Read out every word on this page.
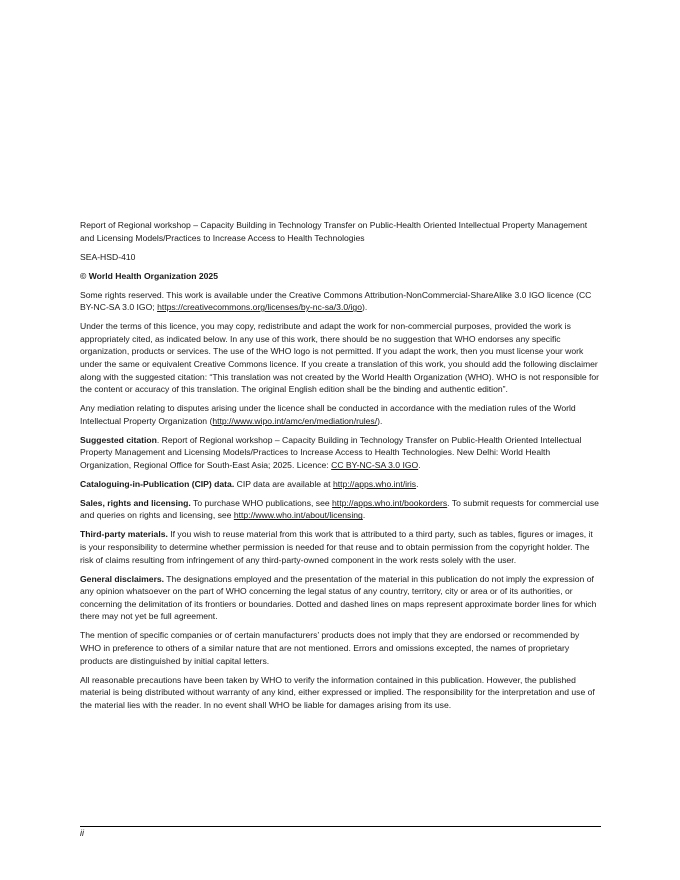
Report of Regional workshop – Capacity Building in Technology Transfer on Public-Health Oriented Intellectual Property Management and Licensing Models/Practices to Increase Access to Health Technologies

SEA-HSD-410

© World Health Organization 2025

Some rights reserved. This work is available under the Creative Commons Attribution-NonCommercial-ShareAlike 3.0 IGO licence (CC BY-NC-SA 3.0 IGO; https://creativecommons.org/licenses/by-nc-sa/3.0/igo).

Under the terms of this licence, you may copy, redistribute and adapt the work for non-commercial purposes, provided the work is appropriately cited, as indicated below. In any use of this work, there should be no suggestion that WHO endorses any specific organization, products or services. The use of the WHO logo is not permitted. If you adapt the work, then you must license your work under the same or equivalent Creative Commons licence. If you create a translation of this work, you should add the following disclaimer along with the suggested citation: “This translation was not created by the World Health Organization (WHO). WHO is not responsible for the content or accuracy of this translation. The original English edition shall be the binding and authentic edition”.

Any mediation relating to disputes arising under the licence shall be conducted in accordance with the mediation rules of the World Intellectual Property Organization (http://www.wipo.int/amc/en/mediation/rules/).

Suggested citation. Report of Regional workshop – Capacity Building in Technology Transfer on Public-Health Oriented Intellectual Property Management and Licensing Models/Practices to Increase Access to Health Technologies. New Delhi: World Health Organization, Regional Office for South-East Asia; 2025. Licence: CC BY-NC-SA 3.0 IGO.

Cataloguing-in-Publication (CIP) data. CIP data are available at http://apps.who.int/iris.

Sales, rights and licensing. To purchase WHO publications, see http://apps.who.int/bookorders. To submit requests for commercial use and queries on rights and licensing, see http://www.who.int/about/licensing.

Third-party materials. If you wish to reuse material from this work that is attributed to a third party, such as tables, figures or images, it is your responsibility to determine whether permission is needed for that reuse and to obtain permission from the copyright holder. The risk of claims resulting from infringement of any third-party-owned component in the work rests solely with the user.

General disclaimers. The designations employed and the presentation of the material in this publication do not imply the expression of any opinion whatsoever on the part of WHO concerning the legal status of any country, territory, city or area or of its authorities, or concerning the delimitation of its frontiers or boundaries. Dotted and dashed lines on maps represent approximate border lines for which there may not yet be full agreement.

The mention of specific companies or of certain manufacturers’ products does not imply that they are endorsed or recommended by WHO in preference to others of a similar nature that are not mentioned. Errors and omissions excepted, the names of proprietary products are distinguished by initial capital letters.

All reasonable precautions have been taken by WHO to verify the information contained in this publication. However, the published material is being distributed without warranty of any kind, either expressed or implied. The responsibility for the interpretation and use of the material lies with the reader. In no event shall WHO be liable for damages arising from its use.

ii
